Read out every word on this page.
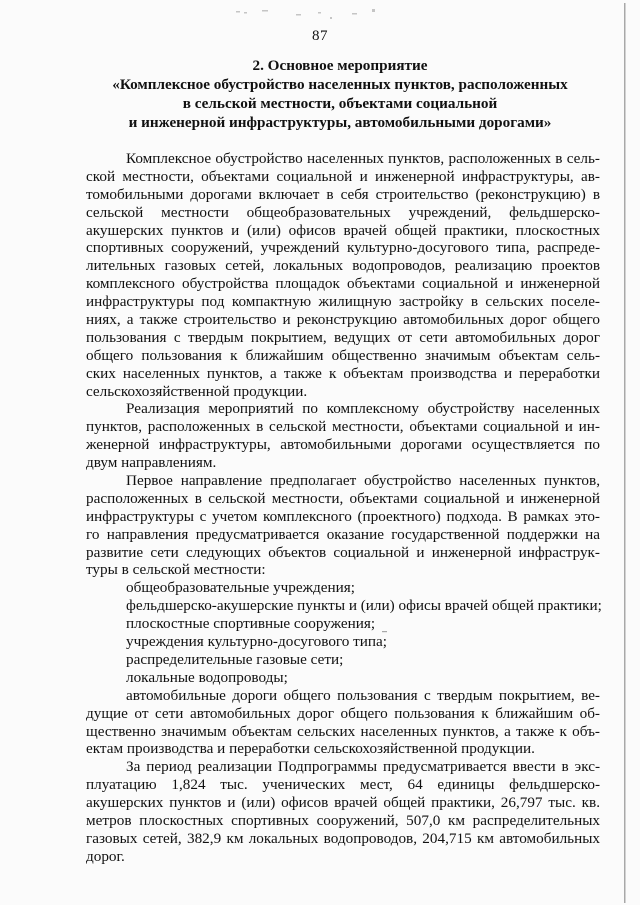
87
2. Основное мероприятие
«Комплексное обустройство населенных пунктов, расположенных
в сельской местности, объектами социальной
и инженерной инфраструктуры, автомобильными дорогами»
Комплексное обустройство населенных пунктов, расположенных в сель-
ской местности, объектами социальной и инженерной инфраструктуры, ав-
томобильными дорогами включает в себя строительство (реконструкцию) в
сельской местности общеобразовательных учреждений, фельдшерско-
акушерских пунктов и (или) офисов врачей общей практики, плоскостных
спортивных сооружений, учреждений культурно-досугового типа, распреде-
лительных газовых сетей, локальных водопроводов, реализацию проектов
комплексного обустройства площадок объектами социальной и инженерной
инфраструктуры под компактную жилищную застройку в сельских поселе-
ниях, а также строительство и реконструкцию автомобильных дорог общего
пользования с твердым покрытием, ведущих от сети автомобильных дорог
общего пользования к ближайшим общественно значимым объектам сель-
ских населенных пунктов, а также к объектам производства и переработки
сельскохозяйственной продукции.
Реализация мероприятий по комплексному обустройству населенных
пунктов, расположенных в сельской местности, объектами социальной и ин-
женерной инфраструктуры, автомобильными дорогами осуществляется по
двум направлениям.
Первое направление предполагает обустройство населенных пунктов,
расположенных в сельской местности, объектами социальной и инженерной
инфраструктуры с учетом комплексного (проектного) подхода. В рамках это-
го направления предусматривается оказание государственной поддержки на
развитие сети следующих объектов социальной и инженерной инфраструк-
туры в сельской местности:
общеобразовательные учреждения;
фельдшерско-акушерские пункты и (или) офисы врачей общей практики;
плоскостные спортивные сооружения;
учреждения культурно-досугового типа;
распределительные газовые сети;
локальные водопроводы;
автомобильные дороги общего пользования с твердым покрытием, ве-
дущие от сети автомобильных дорог общего пользования к ближайшим об-
щественно значимым объектам сельских населенных пунктов, а также к объ-
ектам производства и переработки сельскохозяйственной продукции.
За период реализации Подпрограммы предусматривается ввести в экс-
плуатацию 1,824 тыс. ученических мест, 64 единицы фельдшерско-
акушерских пунктов и (или) офисов врачей общей практики, 26,797 тыс. кв.
метров плоскостных спортивных сооружений, 507,0 км распределительных
газовых сетей, 382,9 км локальных водопроводов, 204,715 км автомобильных
дорог.
